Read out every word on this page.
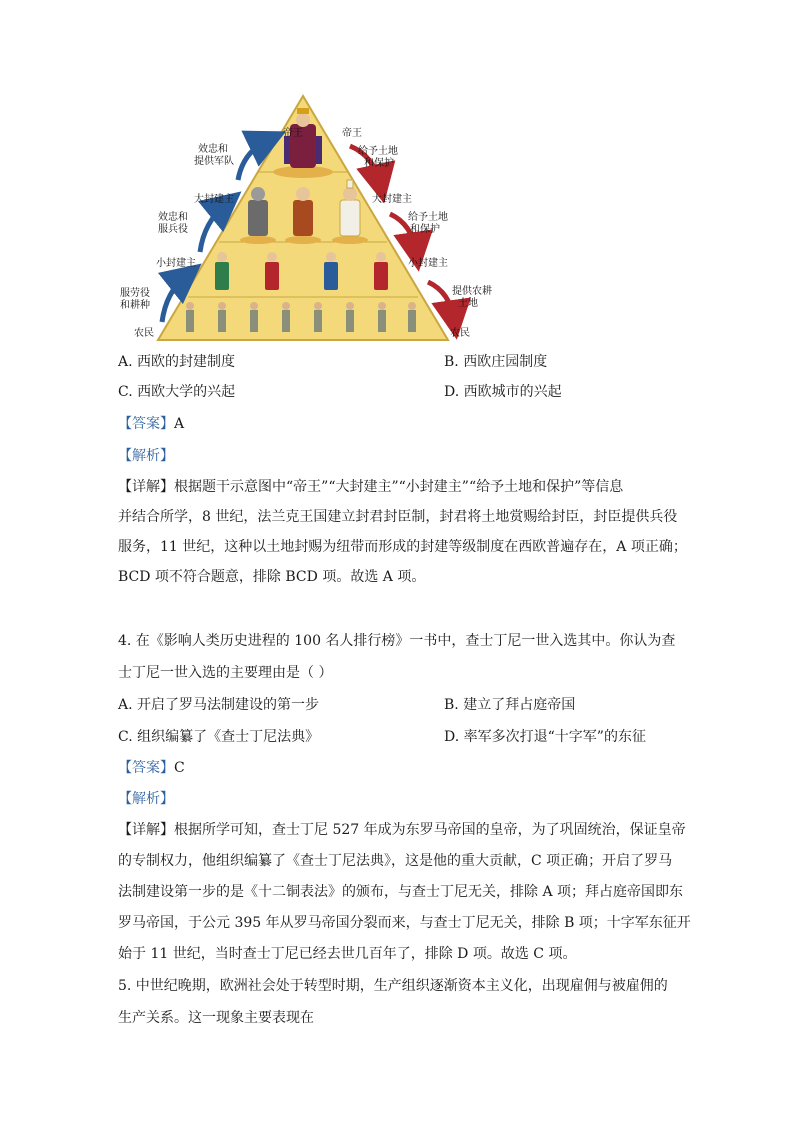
帝王	帝王
效忠和
提供军队
给予土地
和保护
大封建主	大封建主
效忠和
服兵役
给予土地
和保护
小封建主	小封建主
服劳役
和耕种
提供农耕
土地
农民	农民
A. 西欧的封建制度	B. 西欧庄园制度
C. 西欧大学的兴起	D. 西欧城市的兴起
【答案】A
【解析】
【详解】根据题干示意图中“帝王”“大封建主”“小封建主”“给予土地和保护”等信息
并结合所学，8 世纪，法兰克王国建立封君封臣制，封君将土地赏赐给封臣，封臣提供兵役
服务，11 世纪，这种以土地封赐为纽带而形成的封建等级制度在西欧普遍存在，A 项正确；
BCD 项不符合题意，排除 BCD 项。故选 A 项。
4. 在《影响人类历史进程的 100 名人排行榜》一书中，查士丁尼一世入选其中。你认为查
士丁尼一世入选的主要理由是（ ）
A. 开启了罗马法制建设的第一步	B. 建立了拜占庭帝国
C. 组织编纂了《查士丁尼法典》	D. 率军多次打退“十字军”的东征
【答案】C
【解析】
【详解】根据所学可知，查士丁尼 527 年成为东罗马帝国的皇帝，为了巩固统治，保证皇帝
的专制权力，他组织编纂了《查士丁尼法典》，这是他的重大贡献，C 项正确；开启了罗马
法制建设第一步的是《十二铜表法》的颁布，与查士丁尼无关，排除 A 项；拜占庭帝国即东
罗马帝国，于公元 395 年从罗马帝国分裂而来，与查士丁尼无关，排除 B 项；十字军东征开
始于 11 世纪，当时查士丁尼已经去世几百年了，排除 D 项。故选 C 项。
5. 中世纪晚期，欧洲社会处于转型时期，生产组织逐渐资本主义化，出现雇佣与被雇佣的
生产关系。这一现象主要表现在
